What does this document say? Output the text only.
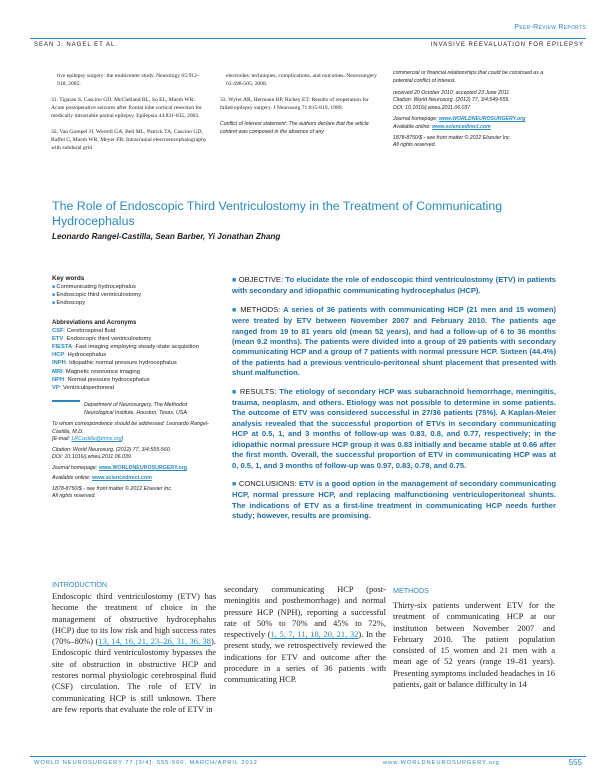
Peer-Review Reports
SEAN J. NAGEL ET AL.	INVASIVE REEVALUATION FOR EPILEPSY
tive epilepsy surgery: the multicenter study. Neurology 65:912-918, 2005.
31. Tigaran S, Cascino GD, McClelland RL, So EL, Marsh WR: Acute postoperative seizures after frontal lobe cortical resection for medically intractable partial epilepsy. Epilepsia 44:831-835, 2003.
32. Van Gompel JJ, Worrell GA, Bell ML, Patrick TA, Cascino GD, Raffel C, Marsh WR, Meyer FB: Intracranial electroencephalography with subdural grid
electrodes: techniques, complications, and outcomes. Neurosurgery 63:498-505, 2008.
33. Wyler AR, Hermann BP, Richey ET: Results of reoperation for failed epilepsy surgery. J Neurosurg 71:815-819, 1989.
Conflict of interest statement: The authors declare that the article content was composed in the absence of any
commercial or financial relationships that could be construed as a potential conflict of interest.
received 20 October 2010; accepted 23 June 2011
Citation: World Neurosurg. (2012) 77, 3/4:549-555.
DOI: 10.1016/j.wneu.2011.06.037
Journal homepage: www.WORLDNEUROSURGERY.org
Available online: www.sciencedirect.com
1878-8750/$ - see front matter © 2012 Elsevier Inc.
All rights reserved.
The Role of Endoscopic Third Ventriculostomy in the Treatment of Communicating Hydrocephalus
Leonardo Rangel-Castilla, Sean Barber, Yi Jonathan Zhang
Key words
■ Communicating hydrocephalus
■ Endoscopic third ventriculostomy
■ Endoscopy
Abbreviations and Acronyms
CSF: Cerebrospinal fluid
ETV: Endoscopic third ventriculostomy
FIESTA: Fast imaging employing steady-state acquisition
HCP: Hydrocephalus
INPH: Idiopathic normal pressure hydrocephalus
MRI: Magnetic resonance imaging
NPH: Normal pressure hydrocephalus
VP: Ventriculoperitoneal
Department of Neurosurgery, The Methodist Neurological Institute, Houston, Texas, USA
To whom correspondence should be addressed: Leonardo Rangel-Castilla, M.D.
[E-mail: LRCastilla@tmhs.org]
Citation: World Neurosurg. (2012) 77, 3/4:555-560.
DOI: 10.1016/j.wneu.2011.06.039
Journal homepage: www.WORLDNEUROSURGERY.org
Available online: www.sciencedirect.com
1878-8750/$ - see front matter © 2012 Elsevier Inc.
All rights reserved.

■ OBJECTIVE: To elucidate the role of endoscopic third ventriculostomy (ETV) in patients with secondary and idiopathic communicating hydrocephalus (HCP).

■ METHODS: A series of 36 patients with communicating HCP (21 men and 15 women) were treated by ETV between November 2007 and February 2010. The patients age ranged from 19 to 81 years old (mean 52 years), and had a follow-up of 6 to 36 months (mean 9.2 months). The patients were divided into a group of 29 patients with secondary communicating HCP and a group of 7 patients with normal pressure HCP. Sixteen (44.4%) of the patients had a previous ventriculo-peritoneal shunt placement that presented with shunt malfunction.

■ RESULTS: The etiology of secondary HCP was subarachnoid hemorrhage, meningitis, trauma, neoplasm, and others. Etiology was not possible to determine in some patients. The outcome of ETV was considered successful in 27/36 patients (75%). A Kaplan-Meier analysis revealed that the successful proportion of ETVs in secondary communicating HCP at 0.5, 1, and 3 months of follow-up was 0.83, 0.8, and 0.77, respectively; in the idiopathic normal pressure HCP group it was 0.83 initially and became stable at 0.66 after the first month. Overall, the successful proportion of ETV in communicating HCP was at 0, 0.5, 1, and 3 months of follow-up was 0.97, 0.83, 0.78, and 0.75.

■ CONCLUSIONS: ETV is a good option in the management of secondary communicating HCP, normal pressure HCP, and replacing malfunctioning ventriculoperitoneal shunts. The indications of ETV as a first-line treatment in communicating HCP needs further study; however, results are promising.

INTRODUCTION
Endoscopic third ventriculostomy (ETV) has become the treatment of choice in the management of obstructive hydrocephalus (HCP) due to its low risk and high success rates (70%–80%) (13, 14, 16, 21, 23–26, 31, 36, 38). Endoscopic third ventriculostomy bypasses the site of obstruction in obstructive HCP and restores normal physiologic cerebrospinal fluid (CSF) circulation. The role of ETV in communicating HCP is still unknown. There are few reports that evaluate the role of ETV in
secondary communicating HCP (post-meningitis and posthemorrhage) and normal pressure HCP (NPH), reporting a successful rate of 50% to 70% and 45% to 72%, respectively (1, 5, 7, 11, 18, 20, 21, 32). In the present study, we retrospectively reviewed the indications for ETV and outcome after the procedure in a series of 36 patients with communicating HCP.
METHODS
Thirty-six patients underwent ETV for the treatment of communicating HCP at our institution between November 2007 and February 2010. The patient population consisted of 15 women and 21 men with a mean age of 52 years (range 19–81 years). Presenting symptoms included headaches in 16 patients, gait or balance difficulty in 14
WORLD NEUROSURGERY 77 [3/4]: 555-560, MARCH/APRIL 2012	www.WORLDNEUROSURGERY.org	555
